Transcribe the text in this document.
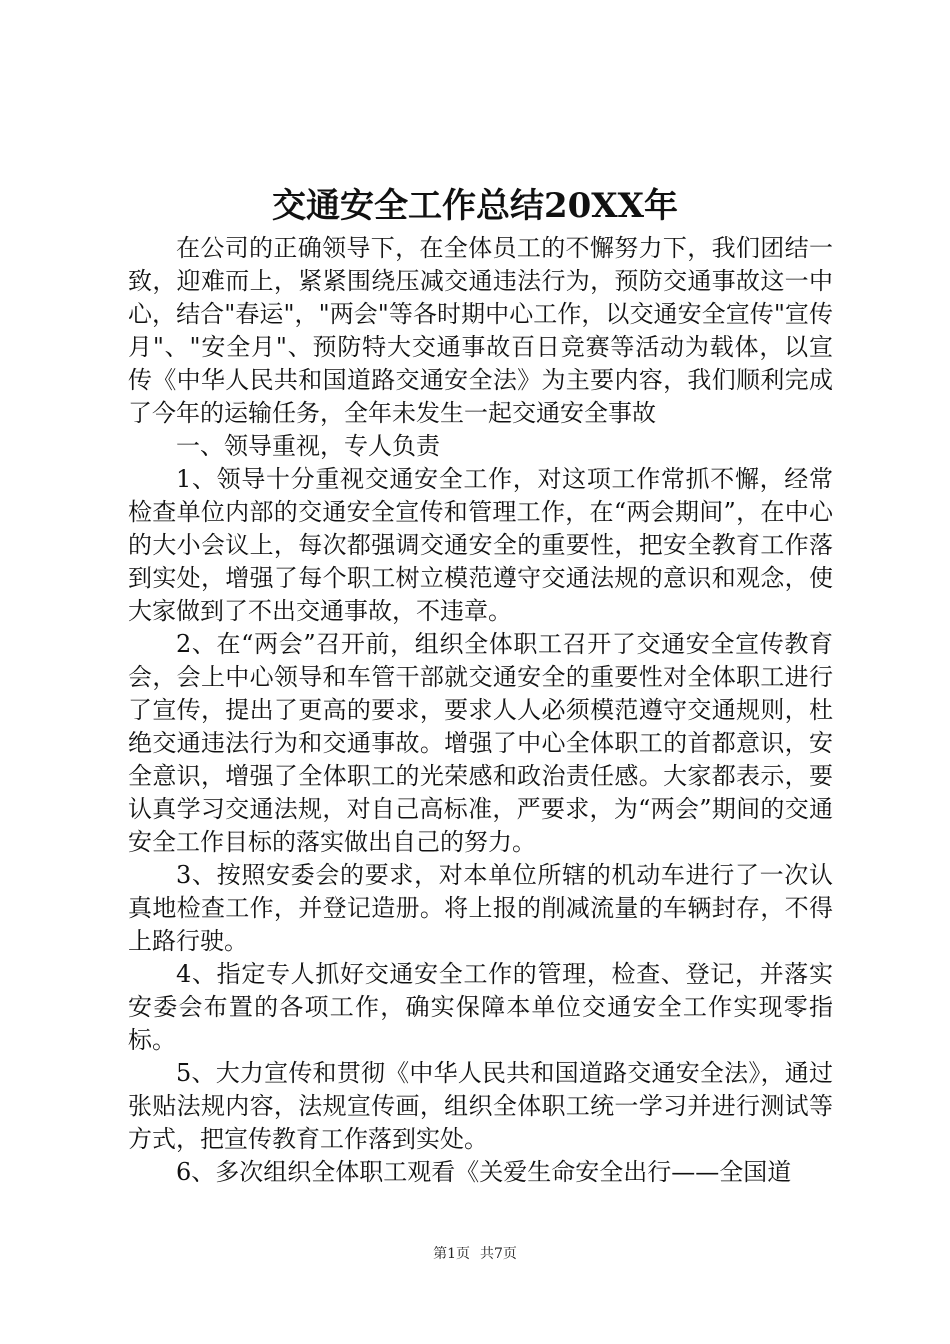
交通安全工作总结20XX年

在公司的正确领导下，在全体员工的不懈努力下，我们团结一致，迎难而上，紧紧围绕压减交通违法行为，预防交通事故这一中心，结合"春运"，"两会"等各时期中心工作，以交通安全宣传"宣传月"、"安全月"、预防特大交通事故百日竞赛等活动为载体，以宣传《中华人民共和国道路交通安全法》为主要内容，我们顺利完成了今年的运输任务，全年未发生一起交通安全事故

一、领导重视，专人负责

1、领导十分重视交通安全工作，对这项工作常抓不懈，经常检查单位内部的交通安全宣传和管理工作，在“两会期间”，在中心的大小会议上，每次都强调交通安全的重要性，把安全教育工作落到实处，增强了每个职工树立模范遵守交通法规的意识和观念，使大家做到了不出交通事故，不违章。

2、在“两会”召开前，组织全体职工召开了交通安全宣传教育会，会上中心领导和车管干部就交通安全的重要性对全体职工进行了宣传，提出了更高的要求，要求人人必须模范遵守交通规则，杜绝交通违法行为和交通事故。增强了中心全体职工的首都意识，安全意识，增强了全体职工的光荣感和政治责任感。大家都表示，要认真学习交通法规，对自己高标准，严要求，为“两会”期间的交通安全工作目标的落实做出自己的努力。

3、按照安委会的要求，对本单位所辖的机动车进行了一次认真地检查工作，并登记造册。将上报的削减流量的车辆封存，不得上路行驶。

4、指定专人抓好交通安全工作的管理，检查、登记，并落实安委会布置的各项工作，确实保障本单位交通安全工作实现零指标。

5、大力宣传和贯彻《中华人民共和国道路交通安全法》，通过张贴法规内容，法规宣传画，组织全体职工统一学习并进行测试等方式，把宣传教育工作落到实处。

6、多次组织全体职工观看《关爱生命安全出行——全国道

第1页 共7页
